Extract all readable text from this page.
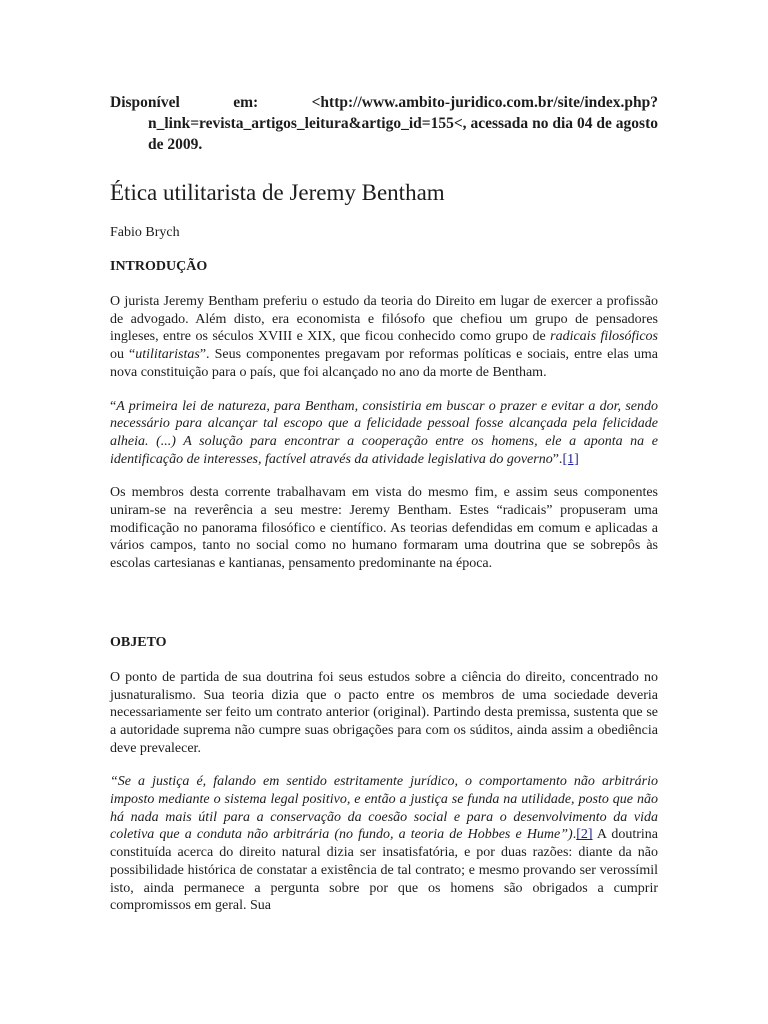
Disponível em: <http://www.ambito-juridico.com.br/site/index.php?n_link=revista_artigos_leitura&artigo_id=155<, acessada no dia 04 de agosto de 2009.

Ética utilitarista de Jeremy Bentham

Fabio Brych

INTRODUÇÃO

O jurista Jeremy Bentham preferiu o estudo da teoria do Direito em lugar de exercer a profissão de advogado. Além disto, era economista e filósofo que chefiou um grupo de pensadores ingleses, entre os séculos XVIII e XIX, que ficou conhecido como grupo de radicais filosóficos ou “utilitaristas”. Seus componentes pregavam por reformas políticas e sociais, entre elas uma nova constituição para o país, que foi alcançado no ano da morte de Bentham.

“A primeira lei de natureza, para Bentham, consistiria em buscar o prazer e evitar a dor, sendo necessário para alcançar tal escopo que a felicidade pessoal fosse alcançada pela felicidade alheia. (...) A solução para encontrar a cooperação entre os homens, ele a aponta na e identificação de interesses, factível através da atividade legislativa do governo”.[1]

Os membros desta corrente trabalhavam em vista do mesmo fim, e assim seus componentes uniram-se na reverência a seu mestre: Jeremy Bentham. Estes “radicais” propuseram uma modificação no panorama filosófico e científico. As teorias defendidas em comum e aplicadas a vários campos, tanto no social como no humano formaram uma doutrina que se sobrepôs às escolas cartesianas e kantianas, pensamento predominante na época.

OBJETO

O ponto de partida de sua doutrina foi seus estudos sobre a ciência do direito, concentrado no jusnaturalismo. Sua teoria dizia que o pacto entre os membros de uma sociedade deveria necessariamente ser feito um contrato anterior (original). Partindo desta premissa, sustenta que se a autoridade suprema não cumpre suas obrigações para com os súditos, ainda assim a obediência deve prevalecer.

“Se a justiça é, falando em sentido estritamente jurídico, o comportamento não arbitrário imposto mediante o sistema legal positivo, e então a justiça se funda na utilidade, posto que não há nada mais útil para a conservação da coesão social e para o desenvolvimento da vida coletiva que a conduta não arbitrária (no fundo, a teoria de Hobbes e Hume”).[2] A doutrina constituída acerca do direito natural dizia ser insatisfatória, e por duas razões: diante da não possibilidade histórica de constatar a existência de tal contrato; e mesmo provando ser verossímil isto, ainda permanece a pergunta sobre por que os homens são obrigados a cumprir compromissos em geral. Sua
